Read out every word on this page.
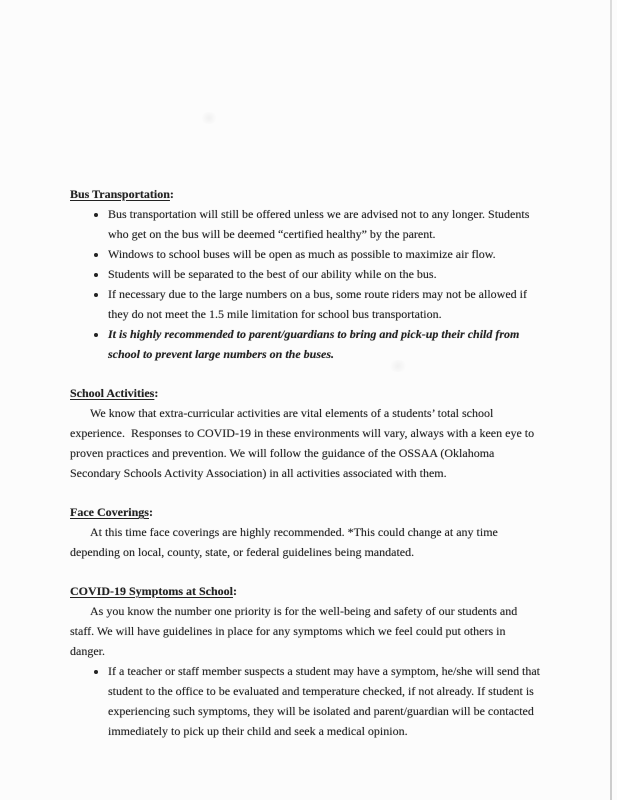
Bus Transportation:
• Bus transportation will still be offered unless we are advised not to any longer. Students who get on the bus will be deemed “certified healthy” by the parent.
• Windows to school buses will be open as much as possible to maximize air flow.
• Students will be separated to the best of our ability while on the bus.
• If necessary due to the large numbers on a bus, some route riders may not be allowed if they do not meet the 1.5 mile limitation for school bus transportation.
• It is highly recommended to parent/guardians to bring and pick-up their child from school to prevent large numbers on the buses.
School Activities:

We know that extra-curricular activities are vital elements of a students’ total school experience.  Responses to COVID-19 in these environments will vary, always with a keen eye to proven practices and prevention. We will follow the guidance of the OSSAA (Oklahoma Secondary Schools Activity Association) in all activities associated with them.

Face Coverings:

At this time face coverings are highly recommended. *This could change at any time depending on local, county, state, or federal guidelines being mandated.

COVID-19 Symptoms at School:

As you know the number one priority is for the well-being and safety of our students and staff. We will have guidelines in place for any symptoms which we feel could put others in danger.

• If a teacher or staff member suspects a student may have a symptom, he/she will send that student to the office to be evaluated and temperature checked, if not already. If student is experiencing such symptoms, they will be isolated and parent/guardian will be contacted immediately to pick up their child and seek a medical opinion.
